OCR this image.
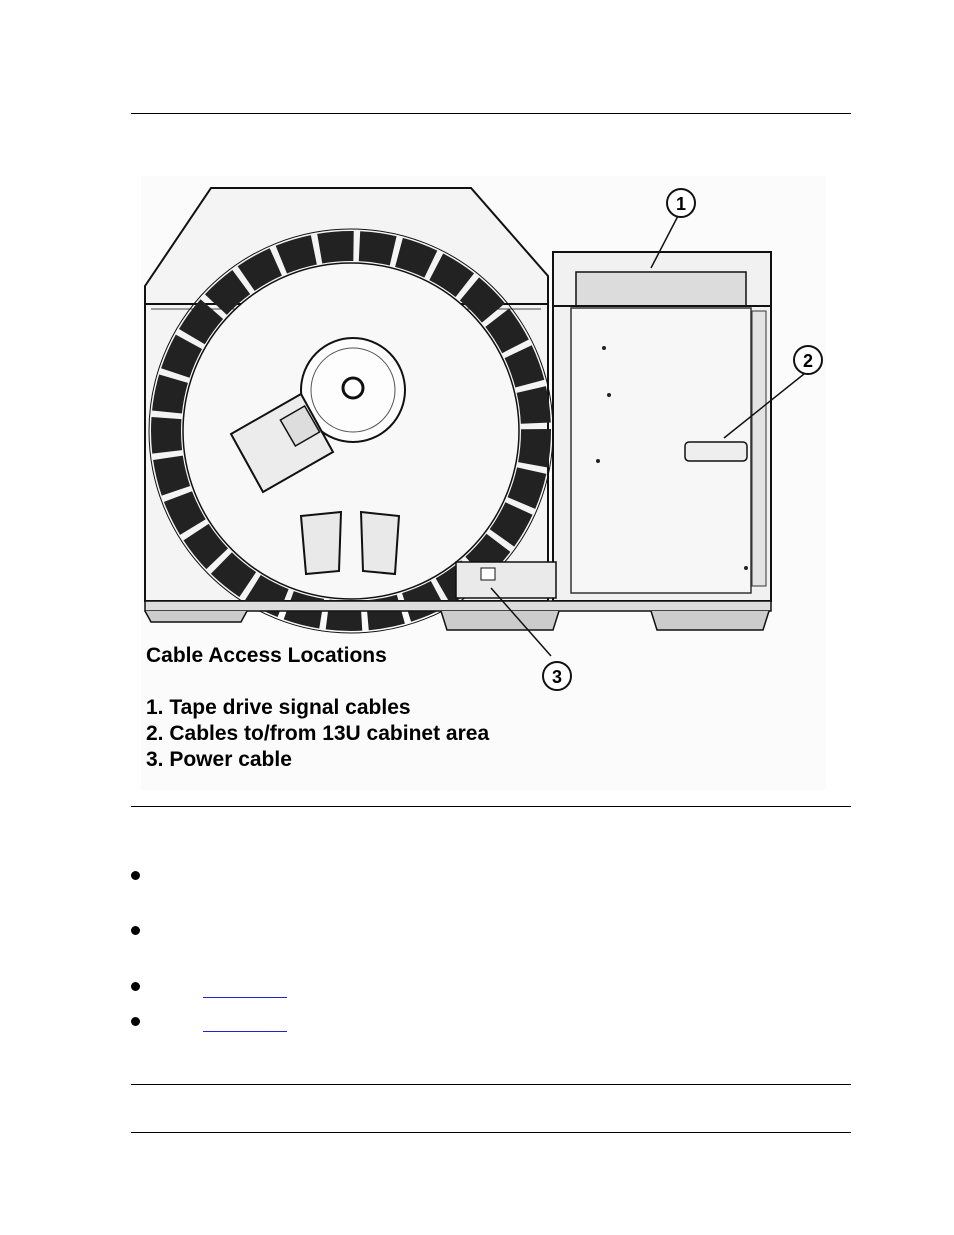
1
2
3
Cable Access Locations
1. Tape drive signal cables
2. Cables to/from 13U cabinet area
3. Power cable
